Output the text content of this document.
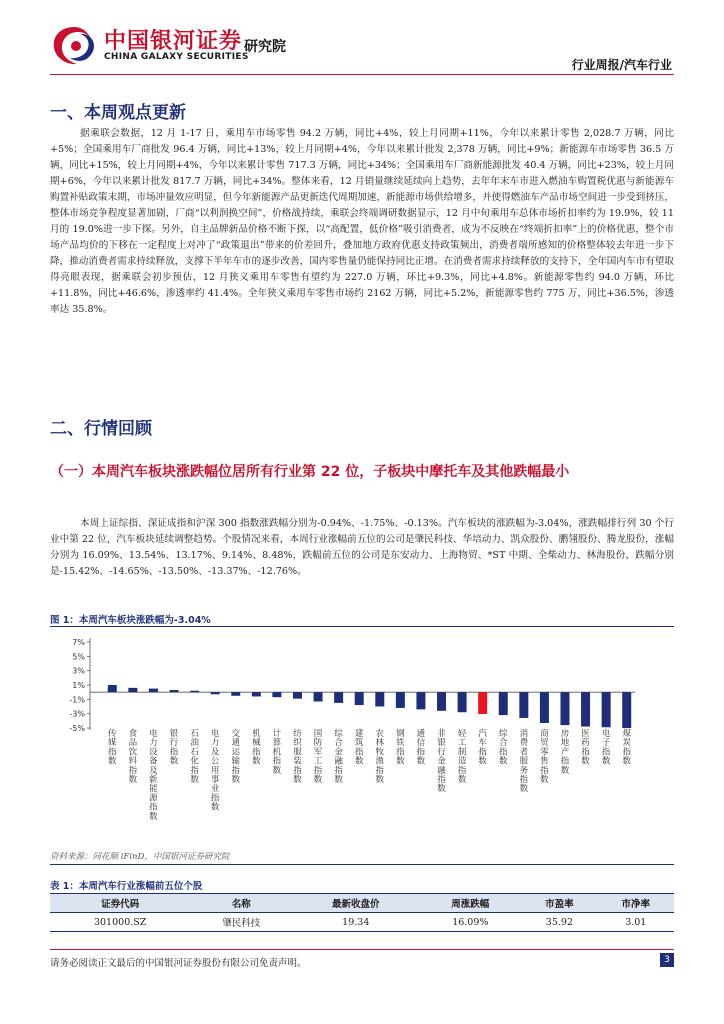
中国银河证券
CHINA GALAXY SECURITIES
研究院
行业周报/汽车行业
一、本周观点更新

据乘联会数据，12 月 1-17 日，乘用车市场零售 94.2 万辆，同比+4%，较上月同期+11%，今年以来累计零售 2,028.7 万辆，同比+5%；全国乘用车厂商批发 96.4 万辆，同比+13%，较上月同期+4%，今年以来累计批发 2,378 万辆，同比+9%；新能源车市场零售 36.5 万辆，同比+15%，较上月同期+4%，今年以来累计零售 717.3 万辆，同比+34%；全国乘用车厂商新能源批发 40.4 万辆，同比+23%，较上月同期+6%，今年以来累计批发 817.7 万辆，同比+34%。整体来看，12 月销量继续延续向上趋势，去年年末车市进入燃油车购置税优惠与新能源车购置补贴政策末期，市场冲量效应明显，但今年新能源产品更新迭代周期加速，新能源市场供给增多，并使得燃油车产品市场空间进一步受到挤压，整体市场竞争程度显著加剧，厂商“以利润换空间”，价格战持续，乘联会终端调研数据显示，12 月中旬乘用车总体市场折扣率约为 19.9%，较 11 月的 19.0%进一步下探。另外，自主品牌新品价格不断下探，以“高配置，低价格”吸引消费者，成为不反映在“终端折扣率”上的价格优惠，整个市场产品均价的下移在一定程度上对冲了“政策退出”带来的价差回升，叠加地方政府优惠支持政策频出，消费者端所感知的价格整体较去年进一步下降，推动消费者需求持续释放，支撑下半年车市的逐步改善，国内零售量仍能保持同比正增。在消费者需求持续释放的支持下，全年国内车市有望取得亮眼表现，据乘联会初步预估，12 月狭义乘用车零售有望约为 227.0 万辆，环比+9.3%，同比+4.8%。新能源零售约 94.0 万辆，环比+11.8%，同比+46.6%，渗透率约 41.4%。全年狭义乘用车零售市场约 2162 万辆，同比+5.2%，新能源零售约 775 万，同比+36.5%，渗透率达 35.8%。

二、行情回顾
（一）本周汽车板块涨跌幅位居所有行业第 22 位，子板块中摩托车及其他跌幅最小

本周上证综指、深证成指和沪深 300 指数涨跌幅分别为-0.94%、-1.75%、-0.13%。汽车板块的涨跌幅为-3.04%，涨跌幅排行列 30 个行业中第 22 位，汽车板块延续调整趋势。个股情况来看，本周行业涨幅前五位的公司是肇民科技、华培动力、凯众股份、鹏翎股份、腾龙股份，涨幅分别为 16.09%、13.54%、13.17%、9.14%、8.48%，跌幅前五位的公司是东安动力、上海物贸、*ST 中期、全柴动力、林海股份，跌幅分别是-15.42%、-14.65%、-13.50%、-13.37%、-12.76%。

图 1：本周汽车板块涨跌幅为-3.04%
7%
5%
3%
1%
-1%
-3%
-5%
传媒指数
食品饮料指数
电力设备及新能源指数
银行指数
石油石化指数
电力及公用事业指数
交通运输指数
机械指数
计算机指数
纺织服装指数
国防军工指数
综合金融指数
建筑指数
农林牧渔指数
钢铁指数
通信指数
非银行金融指数
轻工制造指数
汽车指数
综合指数
消费者服务指数
商贸零售指数
房地产指数
医药指数
电子指数
煤炭指数
资料来源：同花顺 iFinD，中国银河证券研究院
表 1：本周汽车行业涨幅前五位个股
证券代码	名称	最新收盘价	周涨跌幅	市盈率	市净率
301000.SZ	肇民科技	19.34	16.09%	35.92	3.01
请务必阅读正文最后的中国银河证券股份有限公司免责声明。	3
